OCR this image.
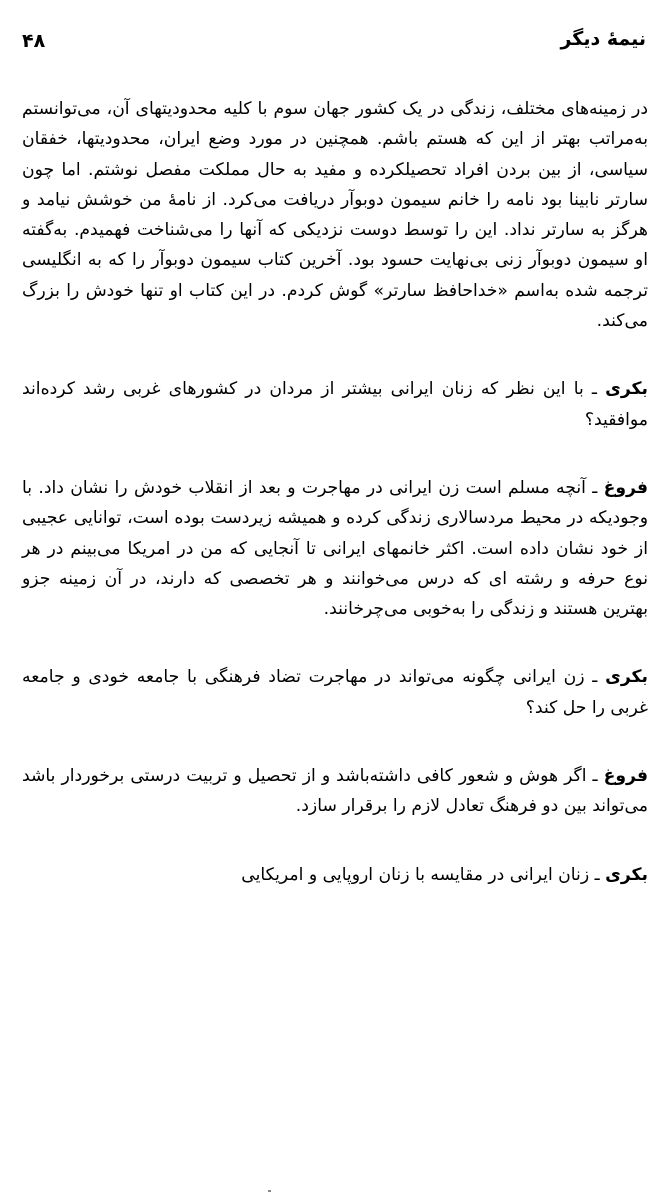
نیمهٔ دیگر
۴۸

در زمینه‌های مختلف، زندگی در یک کشور جهان سوم با کلیه محدودیتهای آن، می‌توانستم به‌مراتب بهتر از این که هستم باشم. همچنین در مورد وضع ایران، محدودیتها، خفقان سیاسی، از بین بردن افراد تحصیلکرده و مفید به حال مملکت مفصل نوشتم. اما چون سارتر نابینا بود نامه را خانم سیمون دوبوآر دریافت می‌کرد. از نامهٔ من خوشش نیامد و هرگز به سارتر نداد. این را توسط دوست نزدیکی که آنها را می‌شناخت فهمیدم. به‌گفته او سیمون دوبوآر زنی بی‌نهایت حسود بود. آخرین کتاب سیمون دوبوآر را که به انگلیسی ترجمه شده به‌اسم «خداحافظ سارتر» گوش کردم. در این کتاب او تنها خودش را بزرگ می‌کند.

بکری ـ با این نظر که زنان ایرانی بیشتر از مردان در کشورهای غربی رشد کرده‌اند موافقید؟

فروغ ـ آنچه مسلم است زن ایرانی در مهاجرت و بعد از انقلاب خودش را نشان داد. با وجودیکه در محیط مردسالاری زندگی کرده و همیشه زیردست بوده است، توانایی عجیبی از خود نشان داده است. اکثر خانمهای ایرانی تا آنجایی که من در امریکا می‌بینم در هر نوع حرفه و رشته ای که درس می‌خوانند و هر تخصصی که دارند، در آن زمینه جزو بهترین هستند و زندگی را به‌خوبی می‌چرخانند.

بکری ـ زن ایرانی چگونه می‌تواند در مهاجرت تضاد فرهنگی با جامعه خودی و جامعه غربی را حل کند؟

فروغ ـ اگر هوش و شعور کافی داشته‌باشد و از تحصیل و تربیت درستی برخوردار باشد می‌تواند بین دو فرهنگ تعادل لازم را برقرار سازد.

بکری ـ زنان ایرانی در مقایسه با زنان اروپایی و امریکایی
